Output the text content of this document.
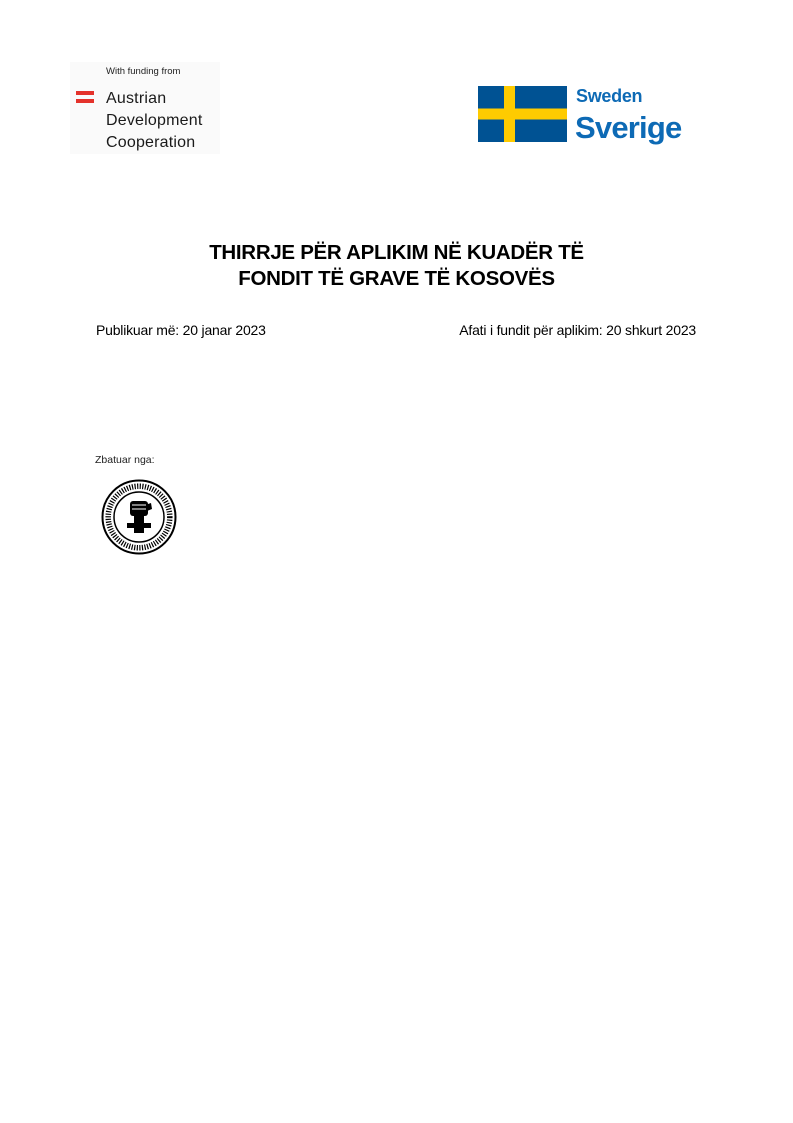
With funding from
Austrian
Development
Cooperation
Sweden
Sverige
THIRRJE PËR APLIKIM NË KUADËR TË
FONDIT TË GRAVE TË KOSOVËS
Publikuar më: 20 janar 2023	Afati i fundit për aplikim: 20 shkurt 2023
Zbatuar nga:
